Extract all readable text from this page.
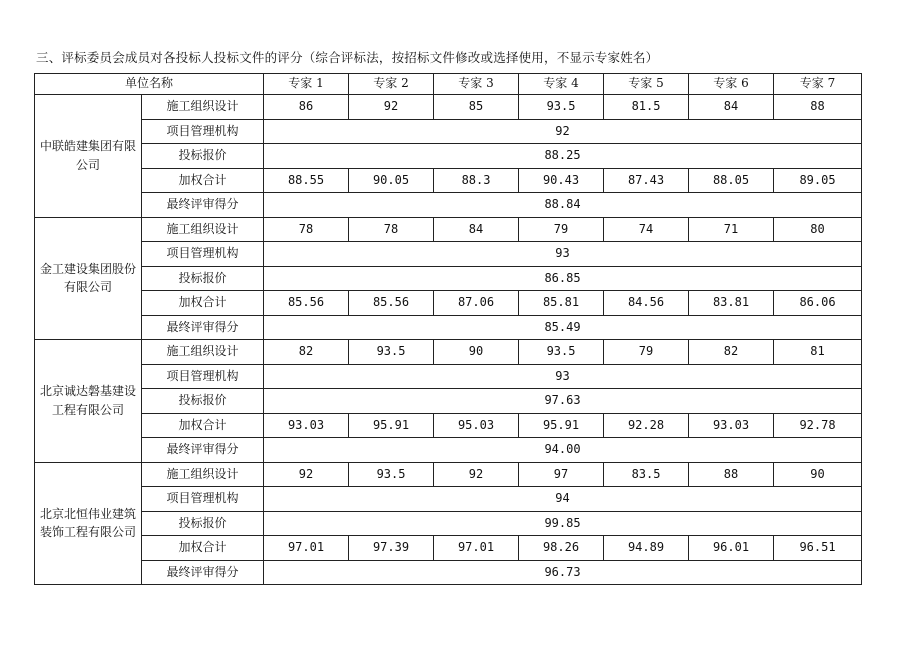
三、评标委员会成员对各投标人投标文件的评分（综合评标法，按招标文件修改或选择使用，不显示专家姓名）
单位名称		专家 1	专家 2	专家 3	专家 4	专家 5	专家 6	专家 7
中联皓建集团有限公司	施工组织设计	86	92	85	93.5	81.5	84	88
	项目管理机构	92						
	投标报价	88.25						
	加权合计	88.55	90.05	88.3	90.43	87.43	88.05	89.05
	最终评审得分	88.84						
金工建设集团股份有限公司	施工组织设计	78	78	84	79	74	71	80
	项目管理机构	93						
	投标报价	86.85						
	加权合计	85.56	85.56	87.06	85.81	84.56	83.81	86.06
	最终评审得分	85.49						
北京诚达磐基建设工程有限公司	施工组织设计	82	93.5	90	93.5	79	82	81
	项目管理机构	93						
	投标报价	97.63						
	加权合计	93.03	95.91	95.03	95.91	92.28	93.03	92.78
	最终评审得分	94.00						
北京北恒伟业建筑装饰工程有限公司	施工组织设计	92	93.5	92	97	83.5	88	90
	项目管理机构	94						
	投标报价	99.85						
	加权合计	97.01	97.39	97.01	98.26	94.89	96.01	96.51
	最终评审得分	96.73						
